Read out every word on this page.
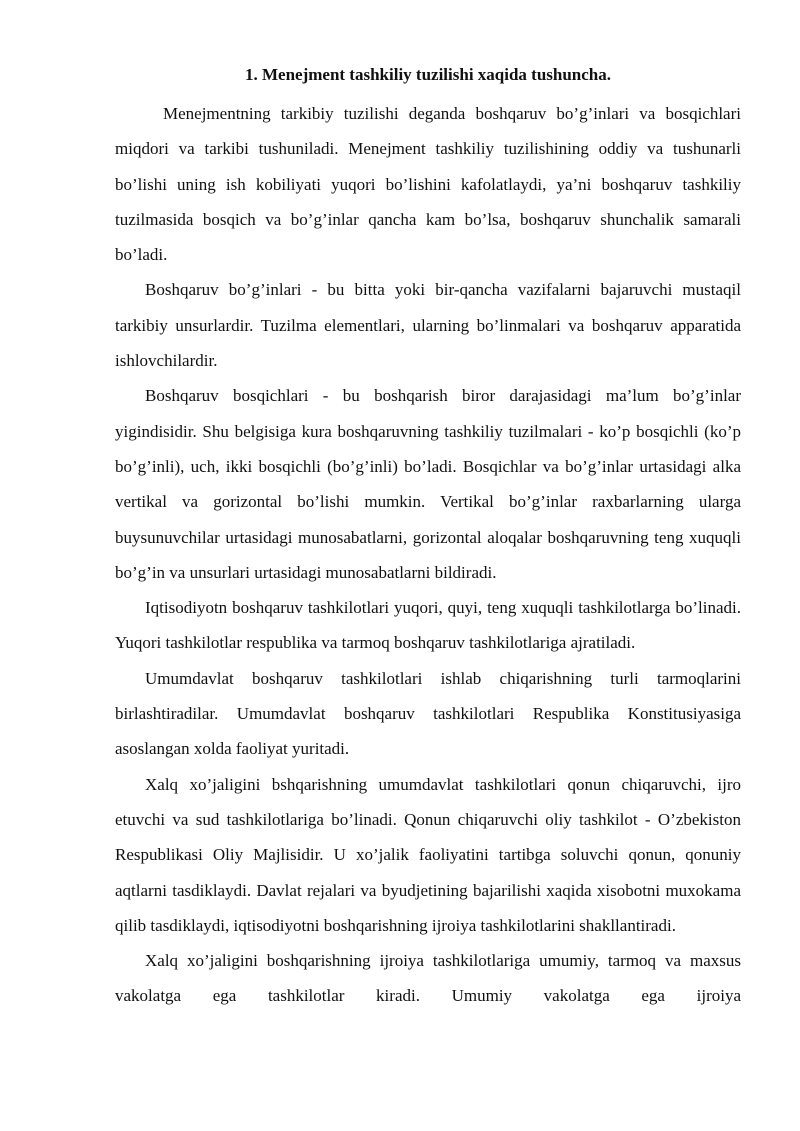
1. Menejment tashkiliy tuzilishi xaqida tushuncha.

Menejmentning tarkibiy tuzilishi deganda boshqaruv bo’g’inlari va bosqichlari miqdori va tarkibi tushuniladi. Menejment tashkiliy tuzilishining oddiy va tushunarli bo’lishi uning ish kobiliyati yuqori bo’lishini kafolatlaydi, ya’ni boshqaruv tashkiliy tuzilmasida bosqich va bo’g’inlar qancha kam bo’lsa, boshqaruv shunchalik samarali bo’ladi.

Boshqaruv bo’g’inlari - bu bitta yoki bir-qancha vazifalarni bajaruvchi mustaqil tarkibiy unsurlardir. Tuzilma elementlari, ularning bo’linmalari va boshqaruv apparatida ishlovchilardir.

Boshqaruv bosqichlari - bu boshqarish biror darajasidagi ma’lum bo’g’inlar yigindisidir. Shu belgisiga kura boshqaruvning tashkiliy tuzilmalari - ko’p bosqichli (ko’p bo’g’inli), uch, ikki bosqichli (bo’g’inli) bo’ladi. Bosqichlar va bo’g’inlar urtasidagi alka vertikal va gorizontal bo’lishi mumkin. Vertikal bo’g’inlar raxbarlarning ularga buysunuvchilar urtasidagi munosabatlarni, gorizontal aloqalar boshqaruvning teng xuquqli bo’g’in va unsurlari urtasidagi munosabatlarni bildiradi.

Iqtisodiyotn boshqaruv tashkilotlari yuqori, quyi, teng xuquqli tashkilotlarga bo’linadi. Yuqori tashkilotlar respublika va tarmoq boshqaruv tashkilotlariga ajratiladi.

Umumdavlat boshqaruv tashkilotlari ishlab chiqarishning turli tarmoqlarini birlashtiradilar. Umumdavlat boshqaruv tashkilotlari Respublika Konstitusiyasiga asoslangan xolda faoliyat yuritadi.

Xalq xo’jaligini bshqarishning umumdavlat tashkilotlari qonun chiqaruvchi, ijro etuvchi va sud tashkilotlariga bo’linadi. Qonun chiqaruvchi oliy tashkilot - O’zbekiston Respublikasi Oliy Majlisidir. U xo’jalik faoliyatini tartibga soluvchi qonun, qonuniy aqtlarni tasdiklaydi. Davlat rejalari va byudjetining bajarilishi xaqida xisobotni muxokama qilib tasdiklaydi, iqtisodiyotni boshqarishning ijroiya tashkilotlarini shakllantiradi.

Xalq xo’jaligini boshqarishning ijroiya tashkilotlariga umumiy, tarmoq va maxsus vakolatga ega tashkilotlar kiradi. Umumiy vakolatga ega ijroiya
